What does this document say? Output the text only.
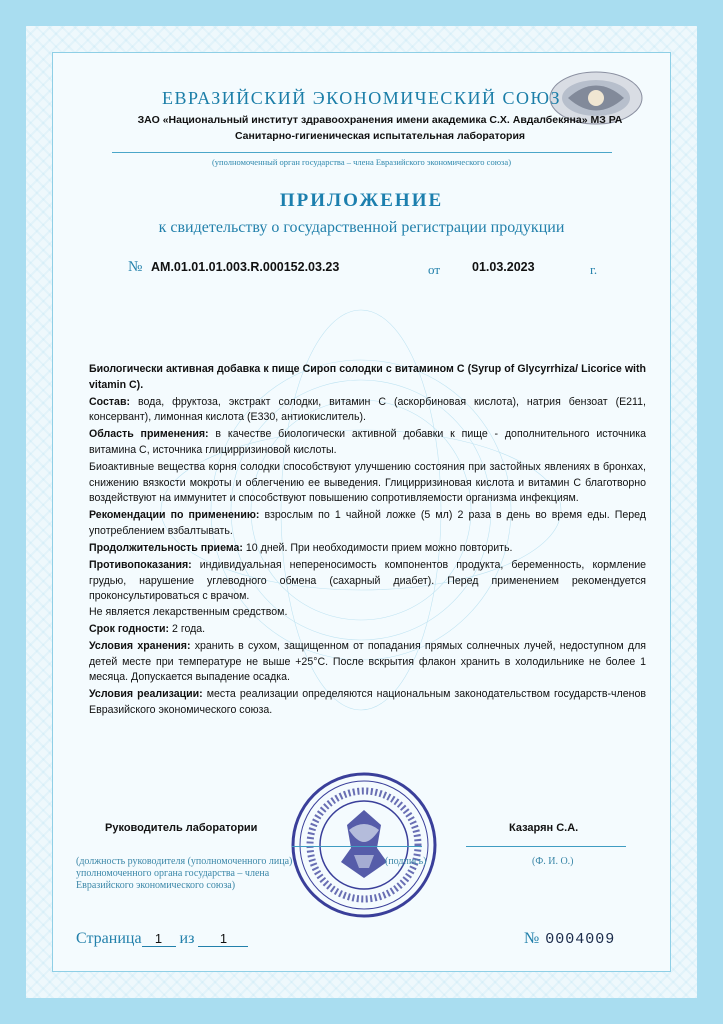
ЕВРАЗИЙСКИЙ ЭКОНОМИЧЕСКИЙ СОЮЗ
ЗАО «Национальный институт здравоохранения имени академика С.Х. Авдалбекяна» МЗ РА
Санитарно-гигиеническая испытательная лаборатория
(уполномоченный орган государства – члена Евразийского экономического союза)
ПРИЛОЖЕНИЕ
к свидетельству о государственной регистрации продукции
№ AM.01.01.01.003.R.000152.03.23	от	01.03.2023	г.

Биологически активная добавка к пище Сироп солодки с витамином С (Syrup of Glycyrrhiza/ Licorice with vitamin C).

Состав: вода, фруктоза, экстракт солодки, витамин С (аскорбиновая кислота), натрия бензоат (E211, консервант), лимонная кислота (E330, антиокислитель).

Область применения: в качестве биологически активной добавки к пище - дополнительного источника витамина С, источника глицирризиновой кислоты.

Биоактивные вещества корня солодки способствуют улучшению состояния при застойных явлениях в бронхах, снижению вязкости мокроты и облегчению ее выведения. Глицирризиновая кислота и витамин С благотворно воздействуют на иммунитет и способствуют повышению сопротивляемости организма инфекциям.

Рекомендации по применению: взрослым по 1 чайной ложке (5 мл) 2 раза в день во время еды. Перед употреблением взбалтывать.

Продолжительность приема: 10 дней. При необходимости прием можно повторить.

Противопоказания: индивидуальная непереносимость компонентов продукта, беременность, кормление грудью, нарушение углеводного обмена (сахарный диабет). Перед применением рекомендуется проконсультироваться с врачом.
Не является лекарственным средством.

Срок годности: 2 года.

Условия хранения: хранить в сухом, защищенном от попадания прямых солнечных лучей, недоступном для детей месте при температуре не выше +25°С. После вскрытия флакон хранить в холодильнике не более 1 месяца. Допускается выпадение осадка.

Условия реализации: места реализации определяются национальным законодательством государств-членов Евразийского экономического союза.

Руководитель лаборатории	Казарян С.А.
(должность руководителя (уполномоченного лица) уполномоченного органа государства – члена Евразийского экономического союза)
(подпись)	(Ф. И. О.)
Страница 1 из 1	№ 0004009
